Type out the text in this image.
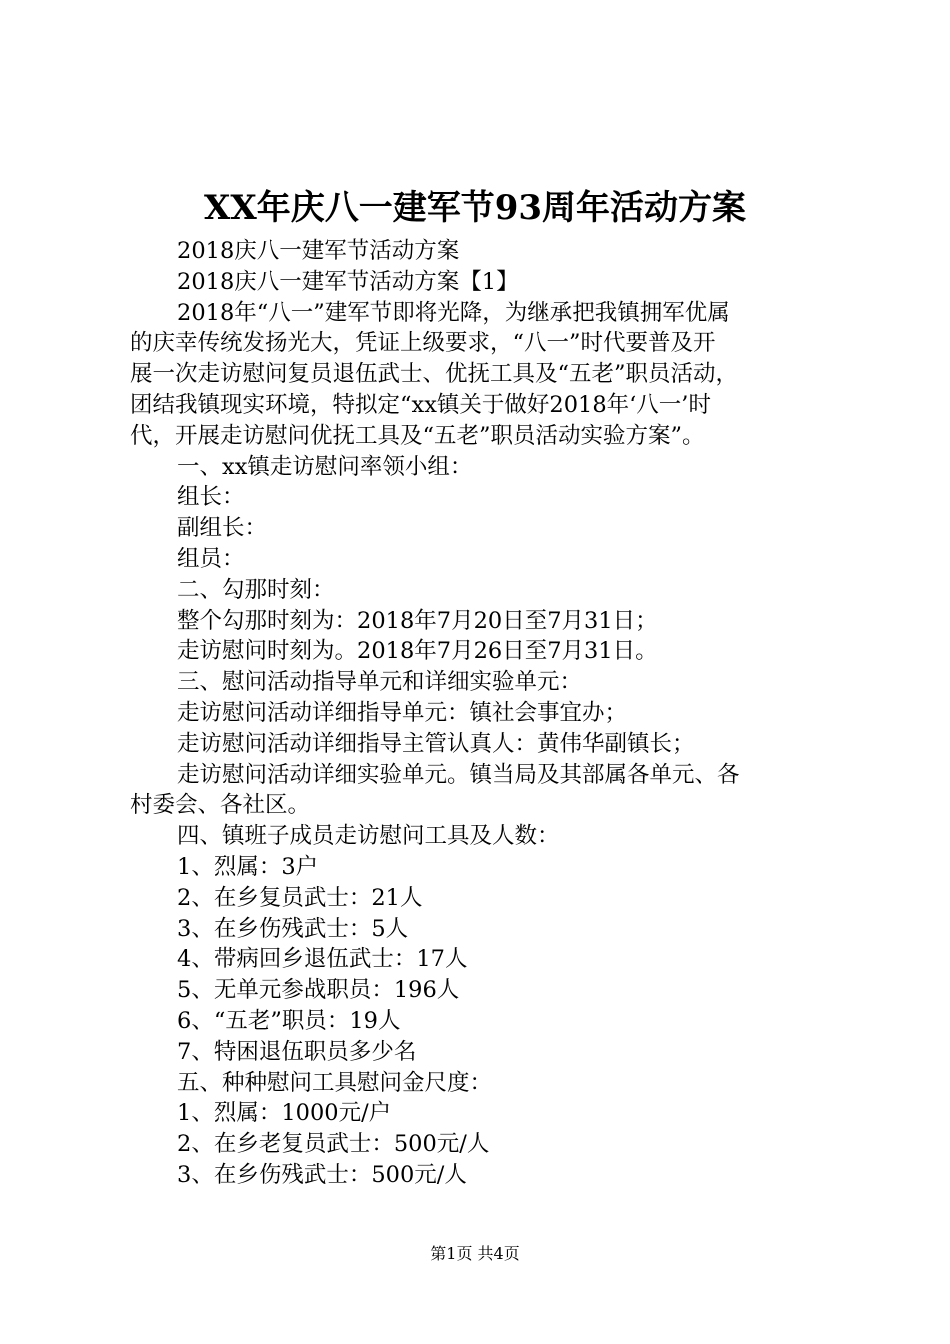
XX年庆八一建军节93周年活动方案
2018庆八一建军节活动方案
2018庆八一建军节活动方案【1】
2018年“八一”建军节即将光降，为继承把我镇拥军优属
的庆幸传统发扬光大，凭证上级要求，“八一”时代要普及开
展一次走访慰问复员退伍武士、优抚工具及“五老”职员活动，
团结我镇现实环境，特拟定“xx镇关于做好2018年‘八一’时
代，开展走访慰问优抚工具及“五老”职员活动实验方案”。
一、xx镇走访慰问率领小组：
组长：
副组长：
组员：
二、勾那时刻：
整个勾那时刻为：2018年7月20日至7月31日；
走访慰问时刻为。2018年7月26日至7月31日。
三、慰问活动指导单元和详细实验单元：
走访慰问活动详细指导单元：镇社会事宜办；
走访慰问活动详细指导主管认真人：黄伟华副镇长；
走访慰问活动详细实验单元。镇当局及其部属各单元、各
村委会、各社区。
四、镇班子成员走访慰问工具及人数：
1、烈属：3户
2、在乡复员武士：21人
3、在乡伤残武士：5人
4、带病回乡退伍武士：17人
5、无单元参战职员：196人
6、“五老”职员：19人
7、特困退伍职员多少名
五、种种慰问工具慰问金尺度：
1、烈属：1000元/户
2、在乡老复员武士：500元/人
3、在乡伤残武士：500元/人
第1页 共4页
